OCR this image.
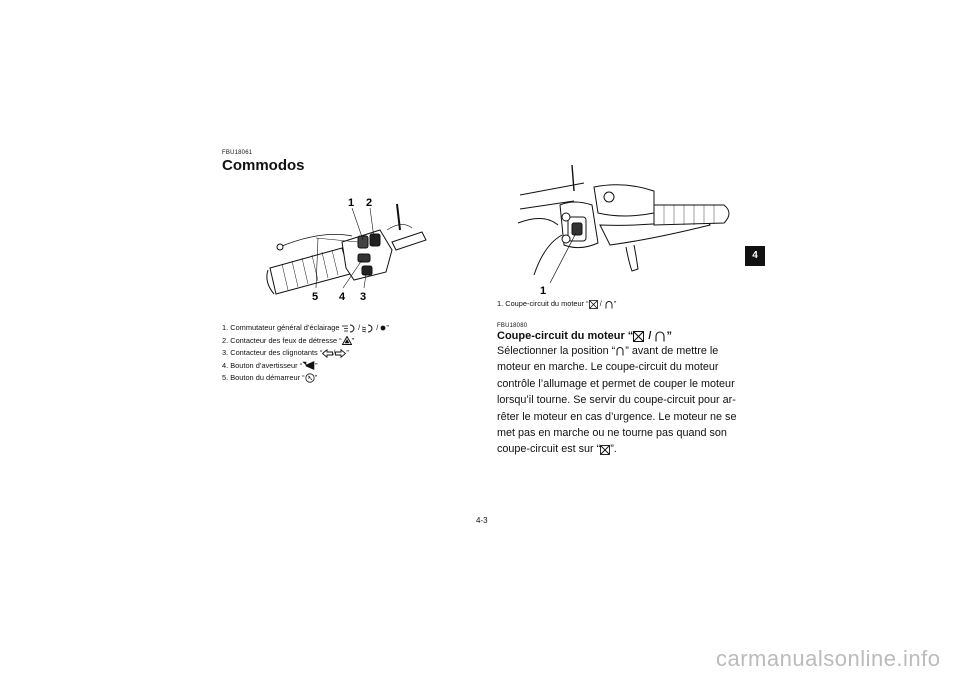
FBU18061
Commodos
1 2
5 4 3
1. Commutateur général d’éclairage “ /  / ”
2. Contacteur des feux de détresse “ ”
3. Contacteur des clignotants “ / ”
4. Bouton d’avertisseur “ ”
5. Bouton du démarreur “ ”
1
1. Coupe-circuit du moteur “ / ”
FBU18080
Coupe-circuit du moteur “ / ”
Sélectionner la position “ ” avant de mettre le
moteur en marche. Le coupe-circuit du moteur
contrôle l’allumage et permet de couper le moteur
lorsqu’il tourne. Se servir du coupe-circuit pour ar-
rêter le moteur en cas d’urgence. Le moteur ne se
met pas en marche ou ne tourne pas quand son
coupe-circuit est sur “ ”.
4
4-3
carmanualsonline.info
